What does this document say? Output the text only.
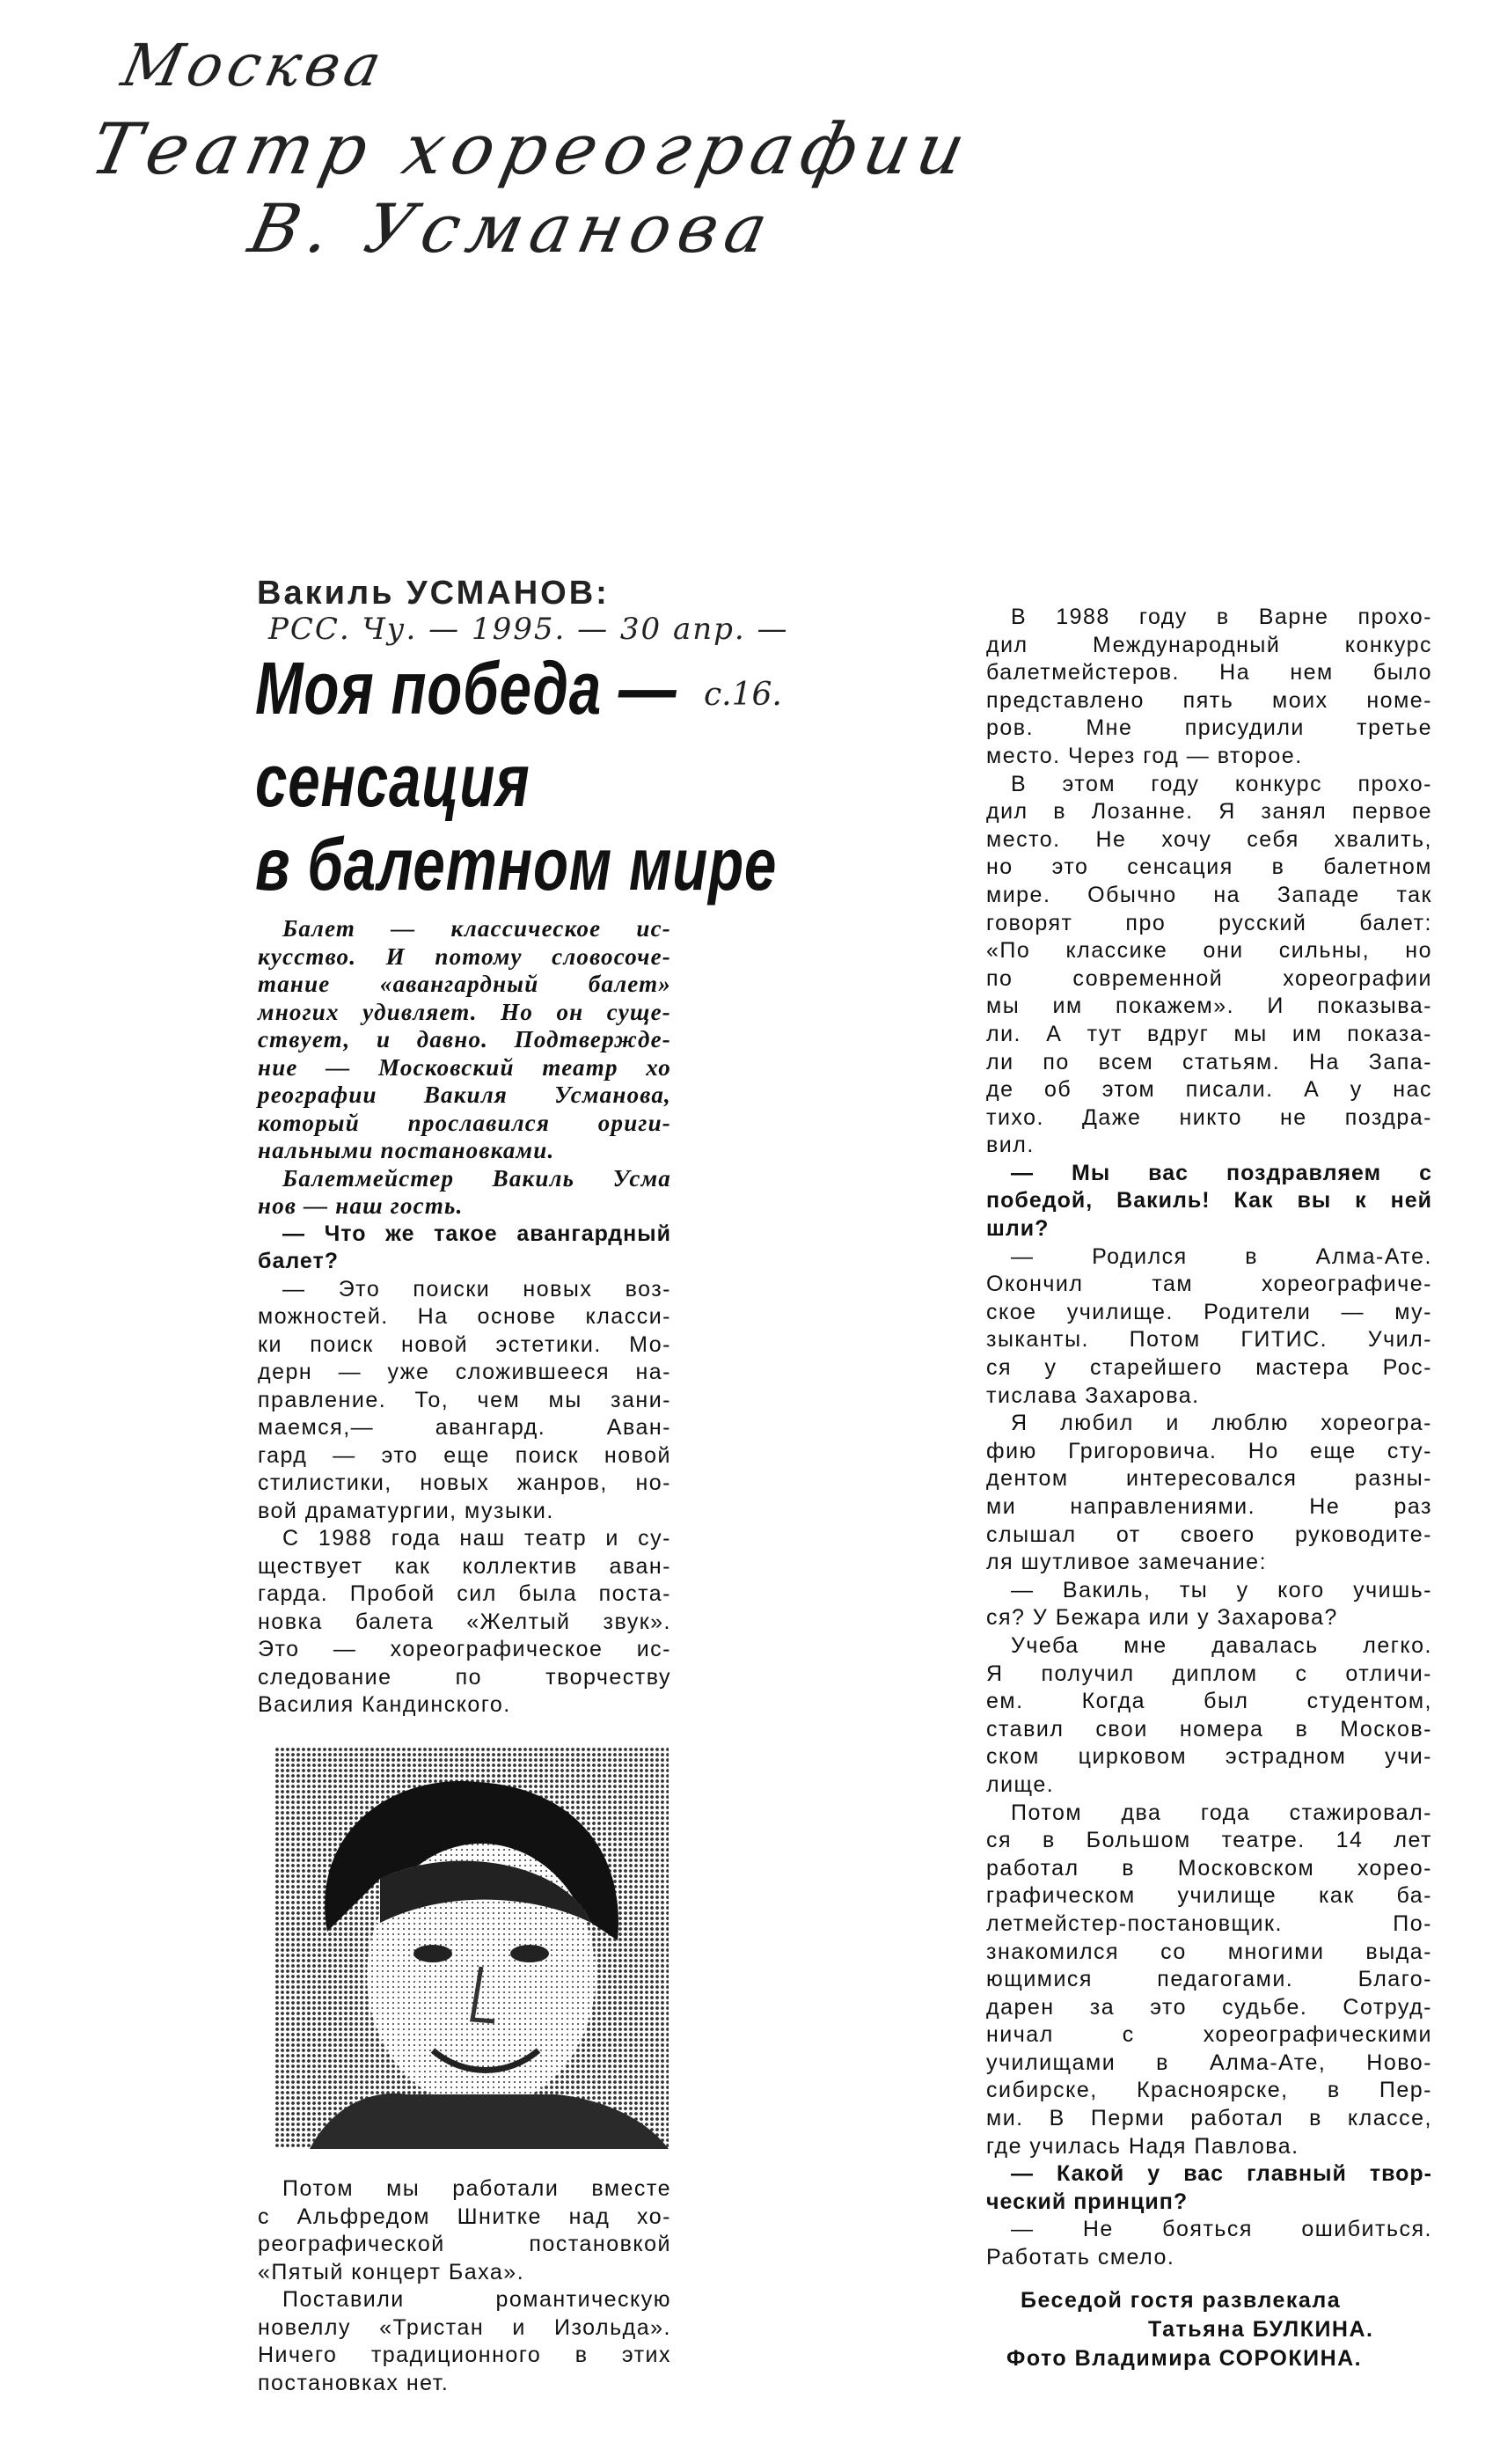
Москва
Театр хореографии
В. Усманова
Вакиль УСМАНОВ:
РСС. Чу. — 1995. — 30 апр. —
Моя победа — с.16.
сенсация
в балетном мире
Балет — классическое ис-
кусство. И потому словосоче-
тание «авангардный балет»
многих удивляет. Но он суще-
ствует, и давно. Подтвержде-
ние — Московский театр хо
реографии Вакиля Усманова,
который прославился ориги-
нальными постановками.
Балетмейстер Вакиль Усма
нов — наш гость.
— Что же такое авангардный
балет?
— Это поиски новых воз-
можностей. На основе класси-
ки поиск новой эстетики. Мо-
дерн — уже сложившееся на-
правление. То, чем мы зани-
маемся,— авангард. Аван-
гард — это еще поиск новой
стилистики, новых жанров, но-
вой драматургии, музыки.
С 1988 года наш театр и су-
ществует как коллектив аван-
гарда. Пробой сил была поста-
новка балета «Желтый звук».
Это — хореографическое ис-
следование по творчеству
Василия Кандинского.
Потом мы работали вместе
с Альфредом Шнитке над хо-
реографической постановкой
«Пятый концерт Баха».
Поставили романтическую
новеллу «Тристан и Изольда».
Ничего традиционного в этих
постановках нет.
В 1988 году в Варне прохо-
дил Международный конкурс
балетмейстеров. На нем было
представлено пять моих номе-
ров. Мне присудили третье
место. Через год — второе.
В этом году конкурс прохо-
дил в Лозанне. Я занял первое
место. Не хочу себя хвалить,
но это сенсация в балетном
мире. Обычно на Западе так
говорят про русский балет:
«По классике они сильны, но
по современной хореографии
мы им покажем». И показыва-
ли. А тут вдруг мы им показа-
ли по всем статьям. На Запа-
де об этом писали. А у нас
тихо. Даже никто не поздра-
вил.
— Мы вас поздравляем с
победой, Вакиль! Как вы к ней
шли?
— Родился в Алма-Ате.
Окончил там хореографиче-
ское училище. Родители — му-
зыканты. Потом ГИТИС. Учил-
ся у старейшего мастера Рос-
тислава Захарова.
Я любил и люблю хореогра-
фию Григоровича. Но еще сту-
дентом интересовался разны-
ми направлениями. Не раз
слышал от своего руководите-
ля шутливое замечание:
— Вакиль, ты у кого учишь-
ся? У Бежара или у Захарова?
Учеба мне давалась легко.
Я получил диплом с отличи-
ем. Когда был студентом,
ставил свои номера в Москов-
ском цирковом эстрадном учи-
лище.
Потом два года стажировал-
ся в Большом театре. 14 лет
работал в Московском хорео-
графическом училище как ба-
летмейстер-постановщик. По-
знакомился со многими выда-
ющимися педагогами. Благо-
дарен за это судьбе. Сотруд-
ничал с хореографическими
училищами в Алма-Ате, Ново-
сибирске, Красноярске, в Пер-
ми. В Перми работал в классе,
где училась Надя Павлова.
— Какой у вас главный твор-
ческий принцип?
— Не бояться ошибиться.
Работать смело.
Беседой гостя развлекала
Татьяна БУЛКИНА.
Фото Владимира СОРОКИНА.
